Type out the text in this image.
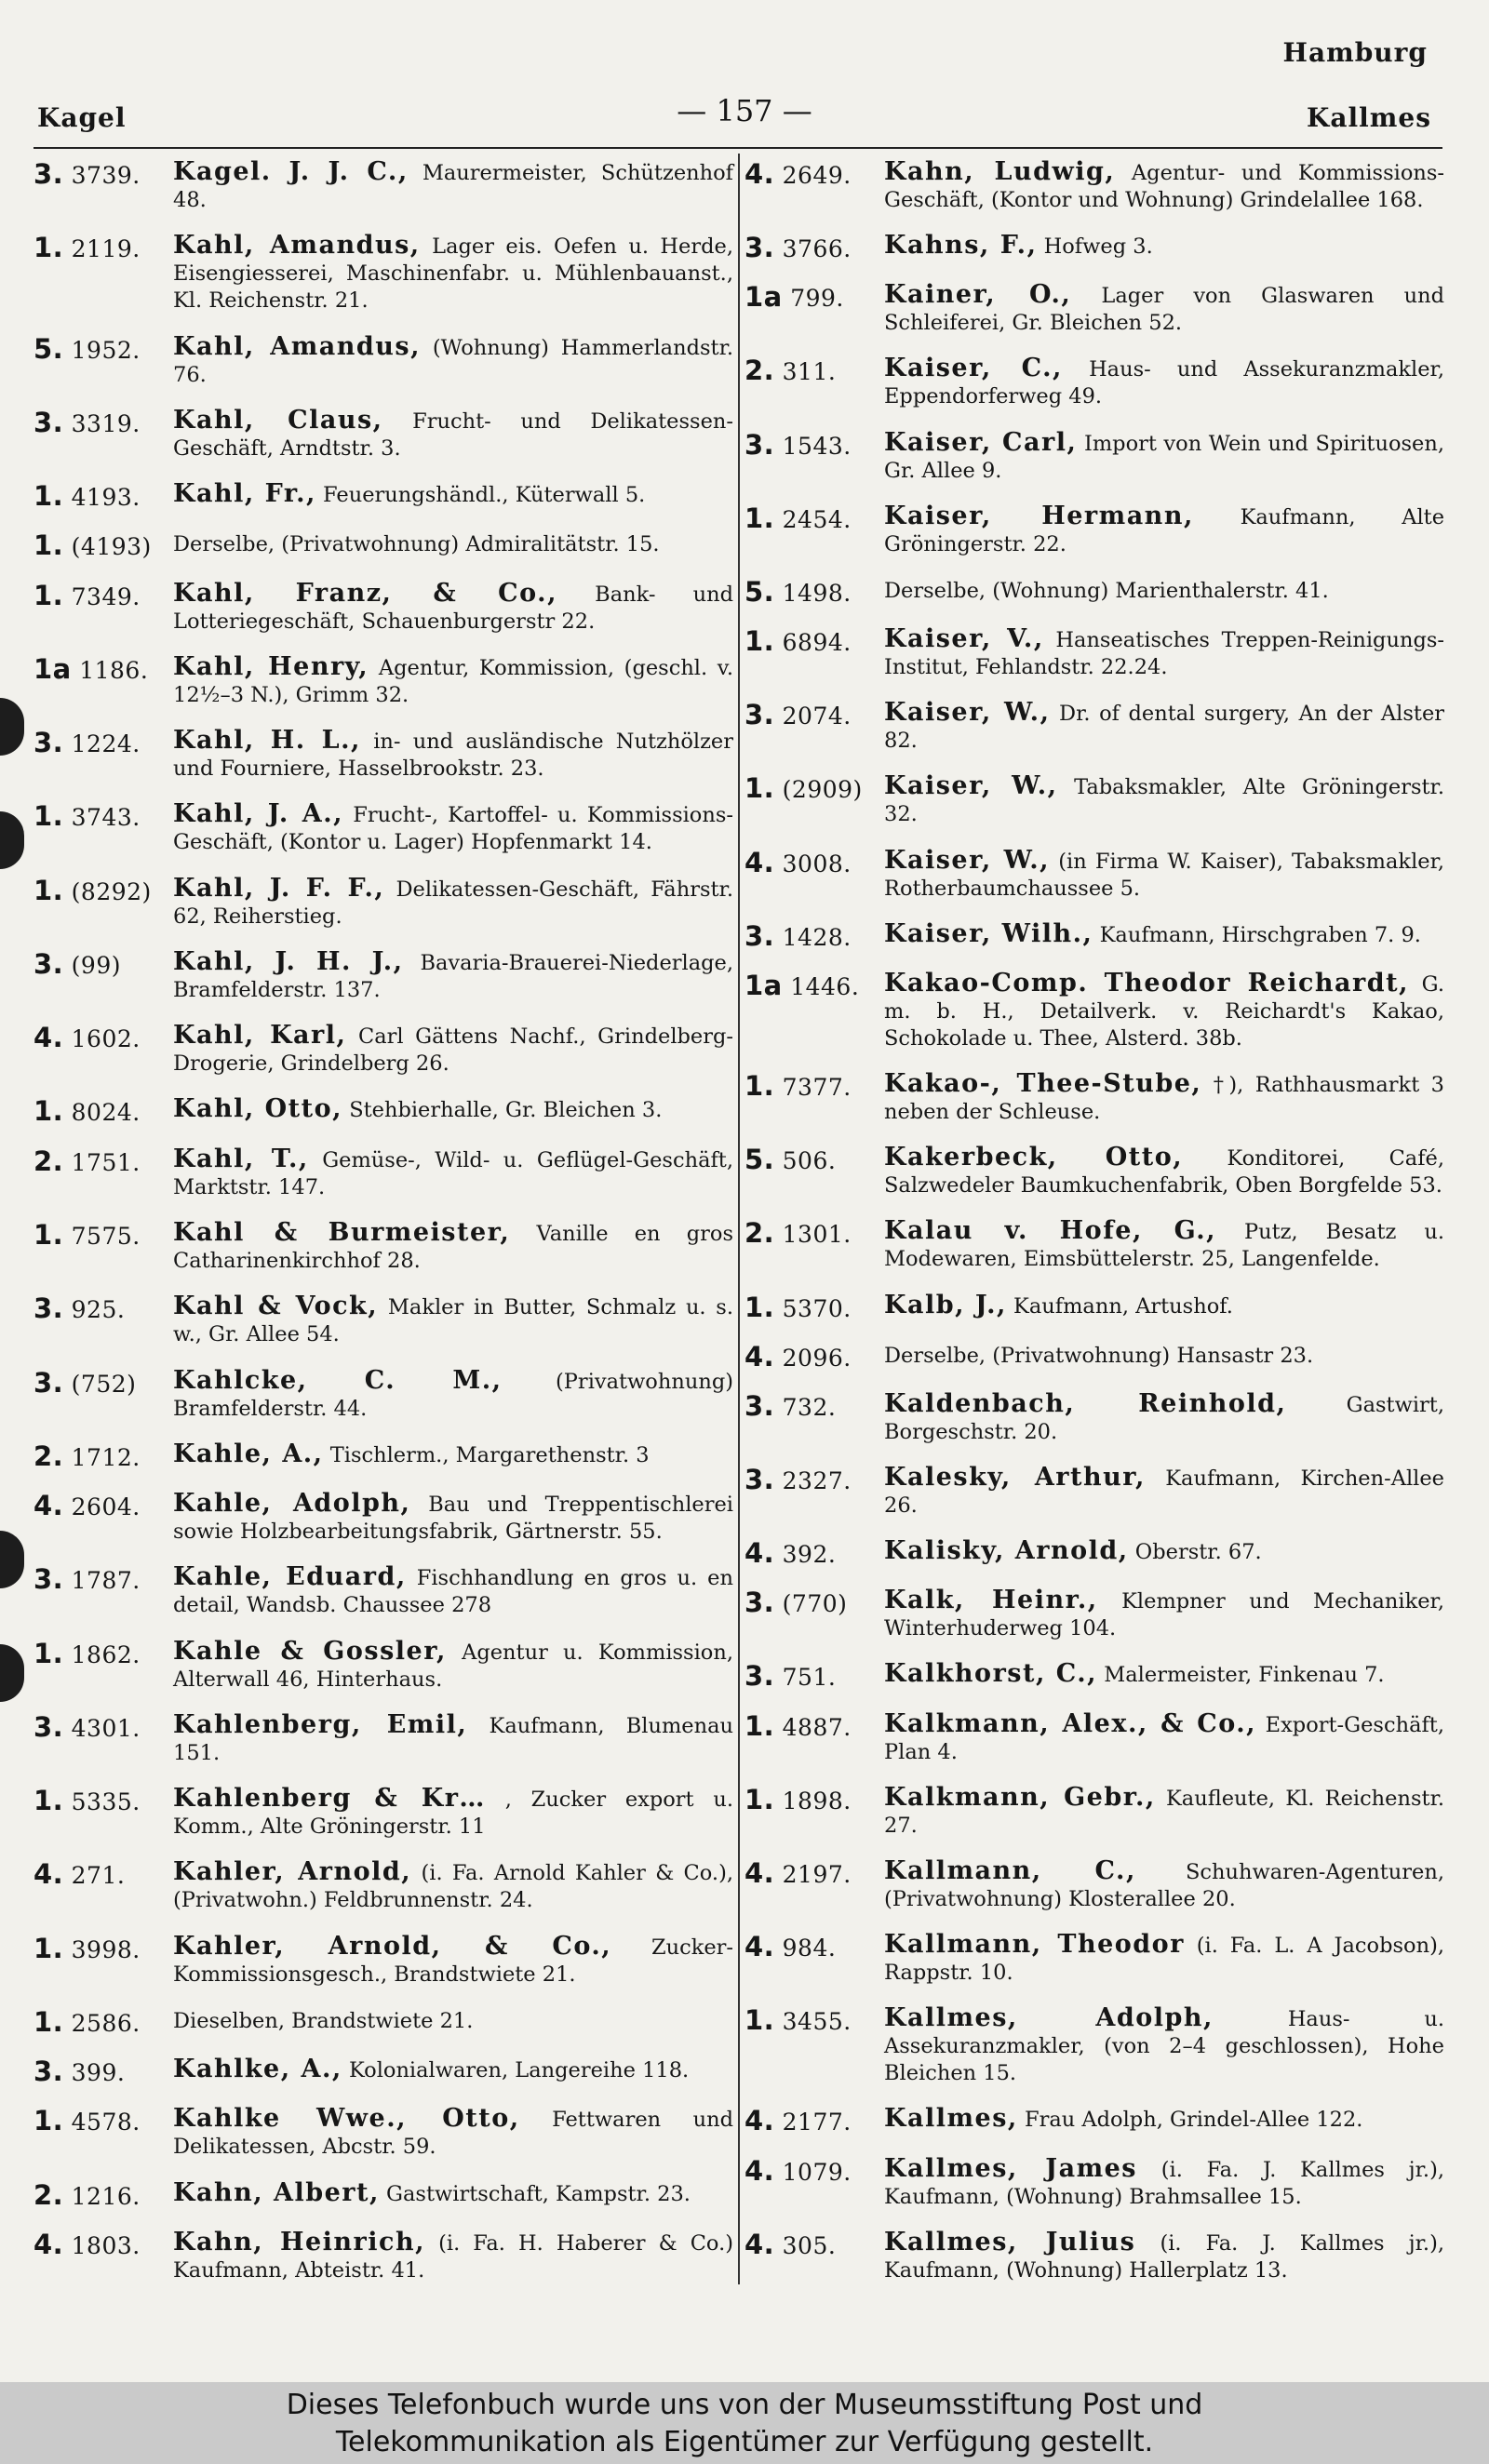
Hamburg
Kagel	— 157 —	Kallmes
3. 3739.	Kagel. J. J. C., Maurermeister, Schützenhof 48.
1. 2119.	Kahl, Amandus, Lager eis. Oefen u. Herde, Eisengiesserei, Maschinenfabr. u. Mühlenbauanst., Kl. Reichenstr. 21.
5. 1952.	Kahl, Amandus, (Wohnung) Hammerlandstr. 76.
3. 3319.	Kahl, Claus, Frucht- und Delikatessen-Geschäft, Arndtstr. 3.
1. 4193.	Kahl, Fr., Feuerungshändl., Küterwall 5.
1. (4193)	Derselbe, (Privatwohnung) Admiralitätstr. 15.
1. 7349.	Kahl, Franz, & Co., Bank- und Lotteriegeschäft, Schauenburgerstr 22.
1a 1186. Kahl, Henry, Agentur, Kommission, (geschl. v. 12½–3 N.), Grimm 32.
3. 1224.	Kahl, H. L., in- und ausländische Nutzhölzer und Fourniere, Hasselbrookstr. 23.
1. 3743.	Kahl, J. A., Frucht-, Kartoffel- u. Kommissions-Geschäft, (Kontor u. Lager) Hopfenmarkt 14.
1. (8292) Kahl, J. F. F., Delikatessen-Geschäft, Fährstr. 62, Reiherstieg.
3. (99)	Kahl, J. H. J., Bavaria-Brauerei-Niederlage, Bramfelderstr. 137.
4. 1602.	Kahl, Karl, Carl Gättens Nachf., Grindelberg-Drogerie, Grindelberg 26.
1. 8024.	Kahl, Otto, Stehbierhalle, Gr. Bleichen 3.
2. 1751.	Kahl, T., Gemüse-, Wild- u. Geflügel-Geschäft, Marktstr. 147.
1. 7575.	Kahl & Burmeister, Vanille en gros Catharinenkirchhof 28.
3. 925.	Kahl & Vock, Makler in Butter, Schmalz u. s. w., Gr. Allee 54.
3. (752)	Kahlcke, C. M.,	(Privatwohnung) Bramfelderstr. 44.
2. 1712.	Kahle, A., Tischlerm., Margarethenstr. 3
4. 2604.	Kahle, Adolph, Bau und Treppentischlerei sowie Holzbearbeitungsfabrik, Gärtnerstr. 55.
3. 1787.	Kahle, Eduard, Fischhandlung en gros u. en detail, Wandsb. Chaussee 278
1. 1862.	Kahle & Gossler, Agentur u. Kommission, Alterwall 46, Hinterhaus.
3. 4301.	Kahlenberg, Emil, Kaufmann, Blumenau 151.
1. 5335.	Kahlenberg & Kr… , Zucker export u. Komm., Alte Gröningerstr. 11
4. 271.	Kahler, Arnold, (i. Fa. Arnold Kahler & Co.), (Privatwohn.) Feldbrunnenstr. 24.
1. 3998.	Kahler, Arnold, & Co., Zucker-Kommissionsgesch., Brandstwiete 21.
1. 2586.	Dieselben, Brandstwiete 21.
3. 399.	Kahlke, A., Kolonialwaren, Langereihe 118.
1. 4578.	Kahlke Wwe., Otto, Fettwaren und Delikatessen, Abcstr. 59.
2. 1216.	Kahn, Albert, Gastwirtschaft, Kampstr. 23.
4. 1803.	Kahn, Heinrich, (i. Fa. H. Haberer & Co.) Kaufmann, Abteistr. 41.
4. 2649.	Kahn, Ludwig, Agentur- und Kommissions-Geschäft, (Kontor und Wohnung) Grindelallee 168.
3. 3766.	Kahns, F., Hofweg 3.
1a 799.	Kainer, O., Lager von Glaswaren und Schleiferei, Gr. Bleichen 52.
2. 311.	Kaiser, C., Haus- und Assekuranzmakler, Eppendorferweg 49.
3. 1543.	Kaiser, Carl, Import von Wein und Spirituosen, Gr. Allee 9.
1. 2454.	Kaiser, Hermann, Kaufmann, Alte Gröningerstr. 22.
5. 1498.	Derselbe, (Wohnung) Marienthalerstr. 41.
1. 6894.	Kaiser, V., Hanseatisches Treppen-Reinigungs-Institut, Fehlandstr. 22.24.
3. 2074.	Kaiser, W., Dr. of dental surgery, An der Alster 82.
1. (2909) Kaiser, W., Tabaksmakler, Alte Gröningerstr. 32.
4. 3008.	Kaiser, W., (in Firma W. Kaiser), Tabaksmakler, Rotherbaumchaussee 5.
3. 1428.	Kaiser, Wilh., Kaufmann, Hirschgraben 7. 9.
1a 1446. Kakao-Comp. Theodor Reichardt, G. m. b. H., Detailverk. v. Reichardt's Kakao, Schokolade u. Thee, Alsterd. 38b.
1. 7377.	Kakao-, Thee-Stube, †), Rathhausmarkt 3 neben der Schleuse.
5. 506.	Kakerbeck, Otto, Konditorei, Café, Salzwedeler Baumkuchenfabrik, Oben Borgfelde 53.
2. 1301.	Kalau v. Hofe, G., Putz, Besatz u. Modewaren, Eimsbüttelerstr. 25, Langenfelde.
1. 5370.	Kalb, J., Kaufmann, Artushof.
4. 2096.	Derselbe, (Privatwohnung) Hansastr 23.
3. 732.	Kaldenbach, Reinhold,	Gastwirt, Borgeschstr. 20.
3. 2327.	Kalesky, Arthur, Kaufmann, Kirchen-Allee 26.
4. 392.	Kalisky, Arnold, Oberstr. 67.
3. (770)	Kalk, Heinr., Klempner und Mechaniker, Winterhuderweg 104.
3. 751.	Kalkhorst, C., Malermeister, Finkenau 7.
1. 4887.	Kalkmann, Alex., & Co., Export-Geschäft, Plan 4.
1. 1898.	Kalkmann, Gebr., Kaufleute, Kl. Reichenstr. 27.
4. 2197.	Kallmann, C., Schuhwaren-Agenturen, (Privatwohnung) Klosterallee 20.
4. 984.	Kallmann, Theodor (i. Fa. L. A Jacobson), Rappstr. 10.
1. 3455.	Kallmes, Adolph,	Haus- u. Assekuranzmakler, (von 2–4 geschlossen), Hohe Bleichen 15.
4. 2177.	Kallmes, Frau Adolph, Grindel-Allee 122.
4. 1079.	Kallmes, James (i. Fa. J. Kallmes jr.), Kaufmann, (Wohnung) Brahmsallee 15.
4. 305.	Kallmes, Julius (i. Fa. J. Kallmes jr.), Kaufmann, (Wohnung) Hallerplatz 13.
Dieses Telefonbuch wurde uns von der Museumsstiftung Post und
Telekommunikation als Eigentümer zur Verfügung gestellt.
